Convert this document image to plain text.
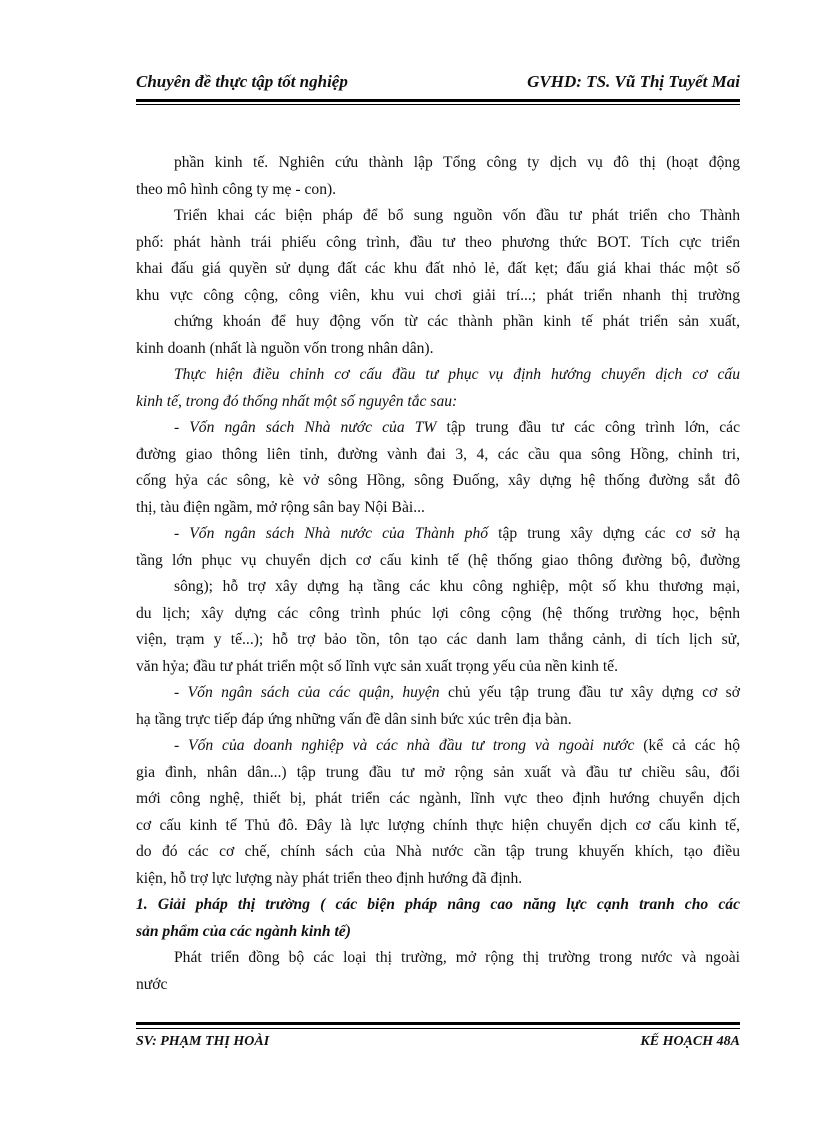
Chuyên đề thực tập tốt nghiệp	GVHD: TS. Vũ Thị Tuyết Mai

phần kinh tế. Nghiên cứu thành lập Tổng công ty dịch vụ đô thị (hoạt động
theo mô hình công ty mẹ - con).

Triển khai các biện pháp để bổ sung nguồn vốn đầu tư phát triển cho Thành
phố: phát hành trái phiếu công trình, đầu tư theo phương thức BOT. Tích cực triển
khai đấu giá quyền sử dụng đất các khu đất nhỏ lẻ, đất kẹt; đấu giá khai thác một số
khu vực công cộng, công viên, khu vui chơi giải trí...; phát triển nhanh thị trường
chứng khoán để huy động vốn từ các thành phần kinh tế phát triển sản xuất,
kinh doanh (nhất là nguồn vốn trong nhân dân).

Thực hiện điều chỉnh cơ cấu đầu tư phục vụ định hướng chuyển dịch cơ cấu
kinh tế, trong đó thống nhất một số nguyên tắc sau:

- Vốn ngân sách Nhà nước của TW tập trung đầu tư các công trình lớn, các
đường giao thông liên tỉnh, đường vành đai 3, 4, các cầu qua sông Hồng, chỉnh tri,
cống hỷa các sông, kè vở sông Hồng, sông Đuống, xây dựng hệ thống đường sắt đô
thị, tàu điện ngầm, mở rộng sân bay Nội Bài...

- Vốn ngân sách Nhà nước của Thành phố tập trung xây dựng các cơ sở hạ
tầng lớn phục vụ chuyển dịch cơ cấu kinh tế (hệ thống giao thông đường bộ, đường
sông); hỗ trợ xây dựng hạ tầng các khu công nghiệp, một số khu thương mại,
du lịch; xây dựng các công trình phúc lợi công cộng (hệ thống trường học, bệnh
viện, trạm y tế...); hỗ trợ bảo tồn, tôn tạo các danh lam thắng cảnh, di tích lịch sử,
văn hỷa; đầu tư phát triển một số lĩnh vực sản xuất trọng yếu của nền kinh tế.

- Vốn ngân sách của các quận, huyện chủ yếu tập trung đầu tư xây dựng cơ sở
hạ tầng trực tiếp đáp ứng những vấn đề dân sinh bức xúc trên địa bàn.

- Vốn của doanh nghiệp và các nhà đầu tư trong và ngoài nước (kể cả các hộ
gia đình, nhân dân...) tập trung đầu tư mở rộng sản xuất và đầu tư chiều sâu, đổi
mới công nghệ, thiết bị, phát triển các ngành, lĩnh vực theo định hướng chuyển dịch
cơ cấu kinh tế Thủ đô. Đây là lực lượng chính thực hiện chuyển dịch cơ cấu kinh tế,
do đó các cơ chế, chính sách của Nhà nước cần tập trung khuyến khích, tạo điều
kiện, hỗ trợ lực lượng này phát triển theo định hướng đã định.

1. Giải pháp thị trường ( các biện pháp nâng cao năng lực cạnh tranh cho các
sản phẩm của các ngành kinh tế)

Phát triển đồng bộ các loại thị trường, mở rộng thị trường trong nước và ngoài
nước

SV: PHẠM THỊ HOÀI	KẾ HOẠCH 48A
